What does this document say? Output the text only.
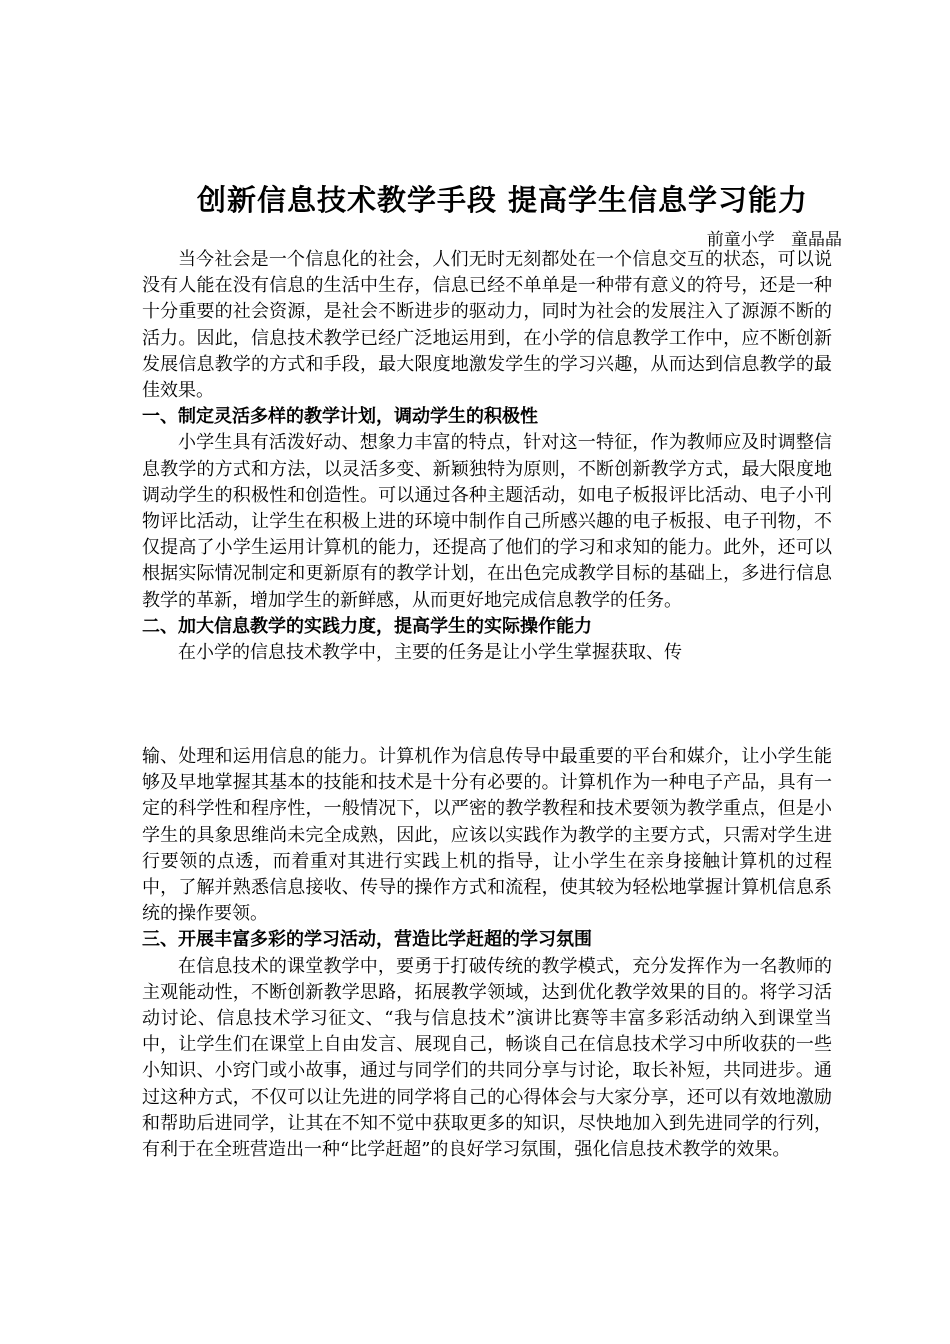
创新信息技术教学手段 提高学生信息学习能力
前童小学   童晶晶

当今社会是一个信息化的社会，人们无时无刻都处在一个信息交互的状态，可以说没有人能在没有信息的生活中生存，信息已经不单单是一种带有意义的符号，还是一种十分重要的社会资源，是社会不断进步的驱动力，同时为社会的发展注入了源源不断的活力。因此，信息技术教学已经广泛地运用到，在小学的信息教学工作中，应不断创新发展信息教学的方式和手段，最大限度地激发学生的学习兴趣，从而达到信息教学的最佳效果。

一、制定灵活多样的教学计划，调动学生的积极性

小学生具有活泼好动、想象力丰富的特点，针对这一特征，作为教师应及时调整信息教学的方式和方法，以灵活多变、新颖独特为原则，不断创新教学方式，最大限度地调动学生的积极性和创造性。可以通过各种主题活动，如电子板报评比活动、电子小刊物评比活动，让学生在积极上进的环境中制作自己所感兴趣的电子板报、电子刊物，不仅提高了小学生运用计算机的能力，还提高了他们的学习和求知的能力。此外，还可以根据实际情况制定和更新原有的教学计划，在出色完成教学目标的基础上，多进行信息教学的革新，增加学生的新鲜感，从而更好地完成信息教学的任务。

二、加大信息教学的实践力度，提高学生的实际操作能力

在小学的信息技术教学中，主要的任务是让小学生掌握获取、传

输、处理和运用信息的能力。计算机作为信息传导中最重要的平台和媒介，让小学生能够及早地掌握其基本的技能和技术是十分有必要的。计算机作为一种电子产品，具有一定的科学性和程序性，一般情况下，以严密的教学教程和技术要领为教学重点，但是小学生的具象思维尚未完全成熟，因此，应该以实践作为教学的主要方式，只需对学生进行要领的点透，而着重对其进行实践上机的指导，让小学生在亲身接触计算机的过程中，了解并熟悉信息接收、传导的操作方式和流程，使其较为轻松地掌握计算机信息系统的操作要领。

三、开展丰富多彩的学习活动，营造比学赶超的学习氛围

在信息技术的课堂教学中，要勇于打破传统的教学模式，充分发挥作为一名教师的主观能动性，不断创新教学思路，拓展教学领域，达到优化教学效果的目的。将学习活动讨论、信息技术学习征文、“我与信息技术”演讲比赛等丰富多彩活动纳入到课堂当中，让学生们在课堂上自由发言、展现自己，畅谈自己在信息技术学习中所收获的一些小知识、小窍门或小故事，通过与同学们的共同分享与讨论，取长补短，共同进步。通过这种方式，不仅可以让先进的同学将自己的心得体会与大家分享，还可以有效地激励和帮助后进同学，让其在不知不觉中获取更多的知识，尽快地加入到先进同学的行列，有利于在全班营造出一种“比学赶超”的良好学习氛围，强化信息技术教学的效果。
